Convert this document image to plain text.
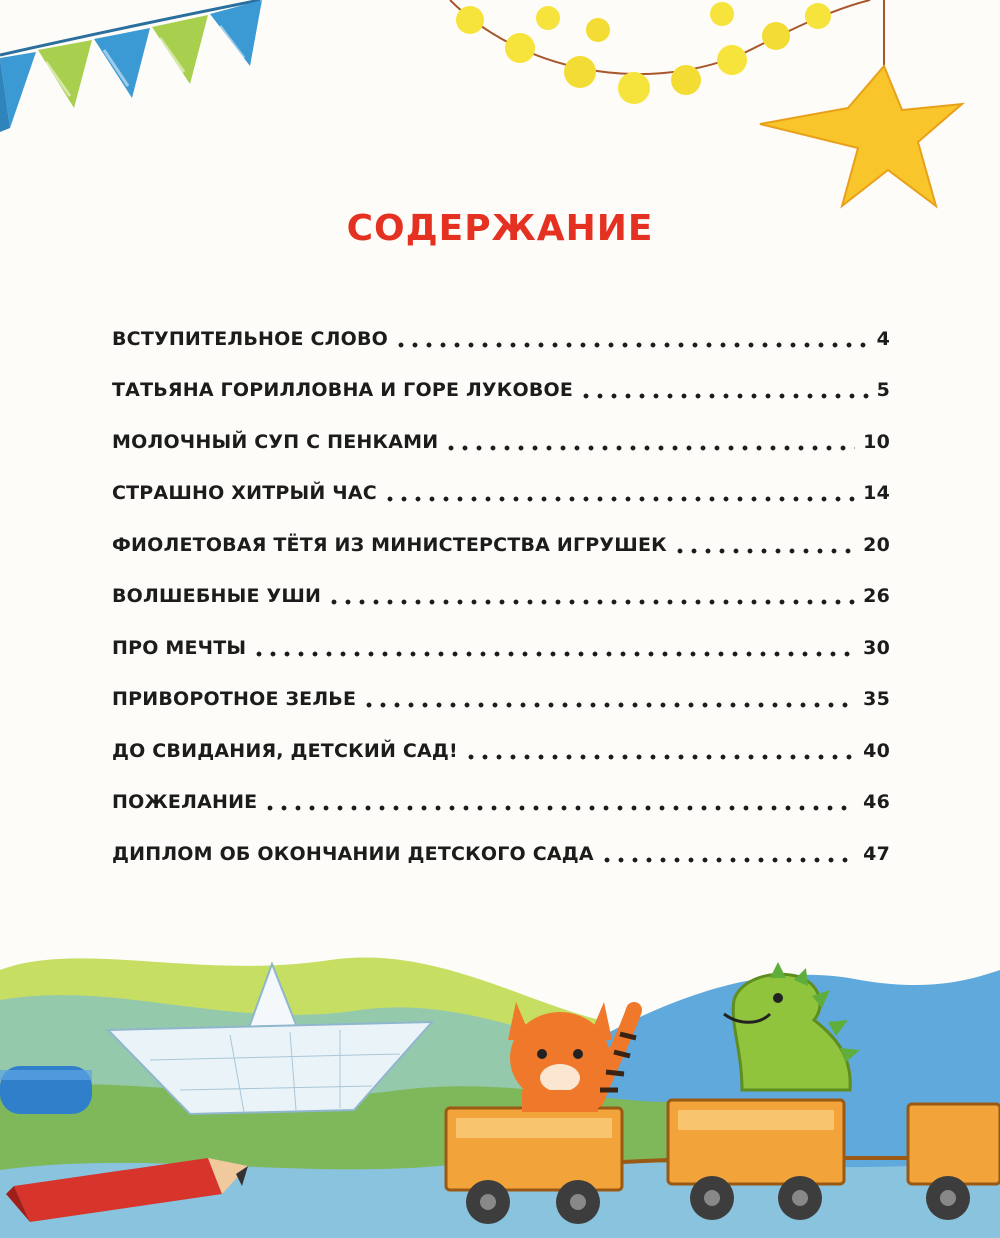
СОДЕРЖАНИЕ
ВСТУПИТЕЛЬНОЕ СЛОВО	4
ТАТЬЯНА ГОРИЛЛОВНА И ГОРЕ ЛУКОВОЕ	5
МОЛОЧНЫЙ СУП С ПЕНКАМИ	10
СТРАШНО ХИТРЫЙ ЧАС	14
ФИОЛЕТОВАЯ ТЁТЯ ИЗ МИНИСТЕРСТВА ИГРУШЕК	20
ВОЛШЕБНЫЕ УШИ	26
ПРО МЕЧТЫ	30
ПРИВОРОТНОЕ ЗЕЛЬЕ	35
ДО СВИДАНИЯ, ДЕТСКИЙ САД!	40
ПОЖЕЛАНИЕ	46
ДИПЛОМ ОБ ОКОНЧАНИИ ДЕТСКОГО САДА	47
